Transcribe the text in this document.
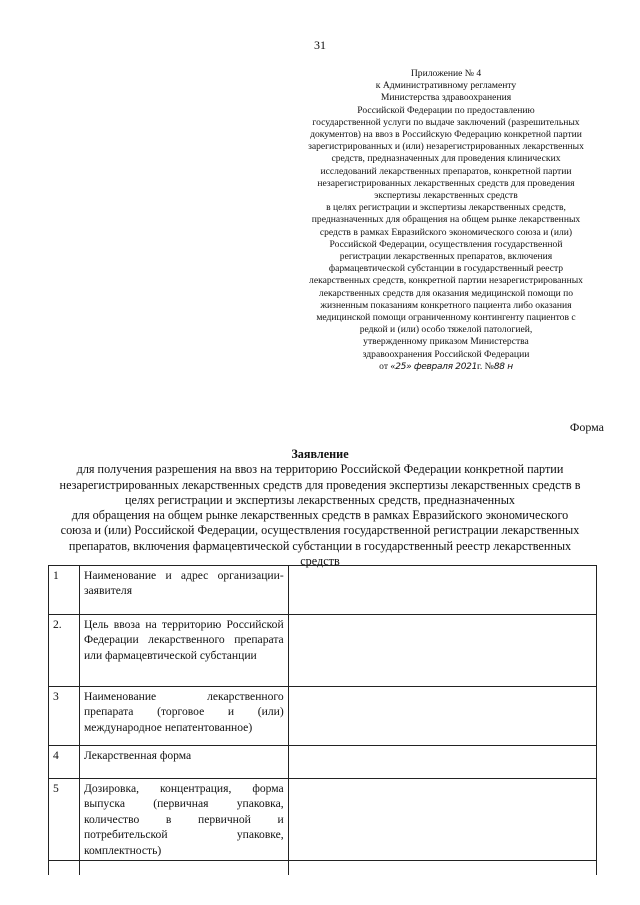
31
Приложение № 4
к Административному регламенту
Министерства здравоохранения
Российской Федерации по предоставлению
государственной услуги по выдаче заключений (разрешительных
документов) на ввоз в Российскую Федерацию конкретной партии
зарегистрированных и (или) незарегистрированных лекарственных
средств, предназначенных для проведения клинических
исследований лекарственных препаратов, конкретной партии
незарегистрированных лекарственных средств для проведения
экспертизы лекарственных средств
в целях регистрации и экспертизы лекарственных средств,
предназначенных для обращения на общем рынке лекарственных
средств в рамках Евразийского экономического союза и (или)
Российской Федерации, осуществления государственной
регистрации лекарственных препаратов, включения
фармацевтической субстанции в государственный реестр
лекарственных средств, конкретной партии незарегистрированных
лекарственных средств для оказания медицинской помощи по
жизненным показаниям конкретного пациента либо оказания
медицинской помощи ограниченному контингенту пациентов с
редкой и (или) особо тяжелой патологией,
утвержденному приказом Министерства
здравоохранения Российской Федерации
от «25» февраля 2021г. №88 н
Форма
Заявление
для получения разрешения на ввоз на территорию Российской Федерации конкретной партии
незарегистрированных лекарственных средств для проведения экспертизы лекарственных средств в
целях регистрации и экспертизы лекарственных средств, предназначенных
для обращения на общем рынке лекарственных средств в рамках Евразийского экономического
союза и (или) Российской Федерации, осуществления государственной регистрации лекарственных
препаратов, включения фармацевтической субстанции в государственный реестр лекарственных
средств
1	Наименование и адрес организации-заявителя	

2.	Цель ввоза на территорию Российской Федерации лекарственного препарата или фармацевтической субстанции	

3	Наименование лекарственного препарата (торговое и (или) международное непатентованное)	

4	Лекарственная форма	

5	Дозировка, концентрация, форма выпуска (первичная упаковка, количество в первичной и потребительской упаковке, комплектность)	
